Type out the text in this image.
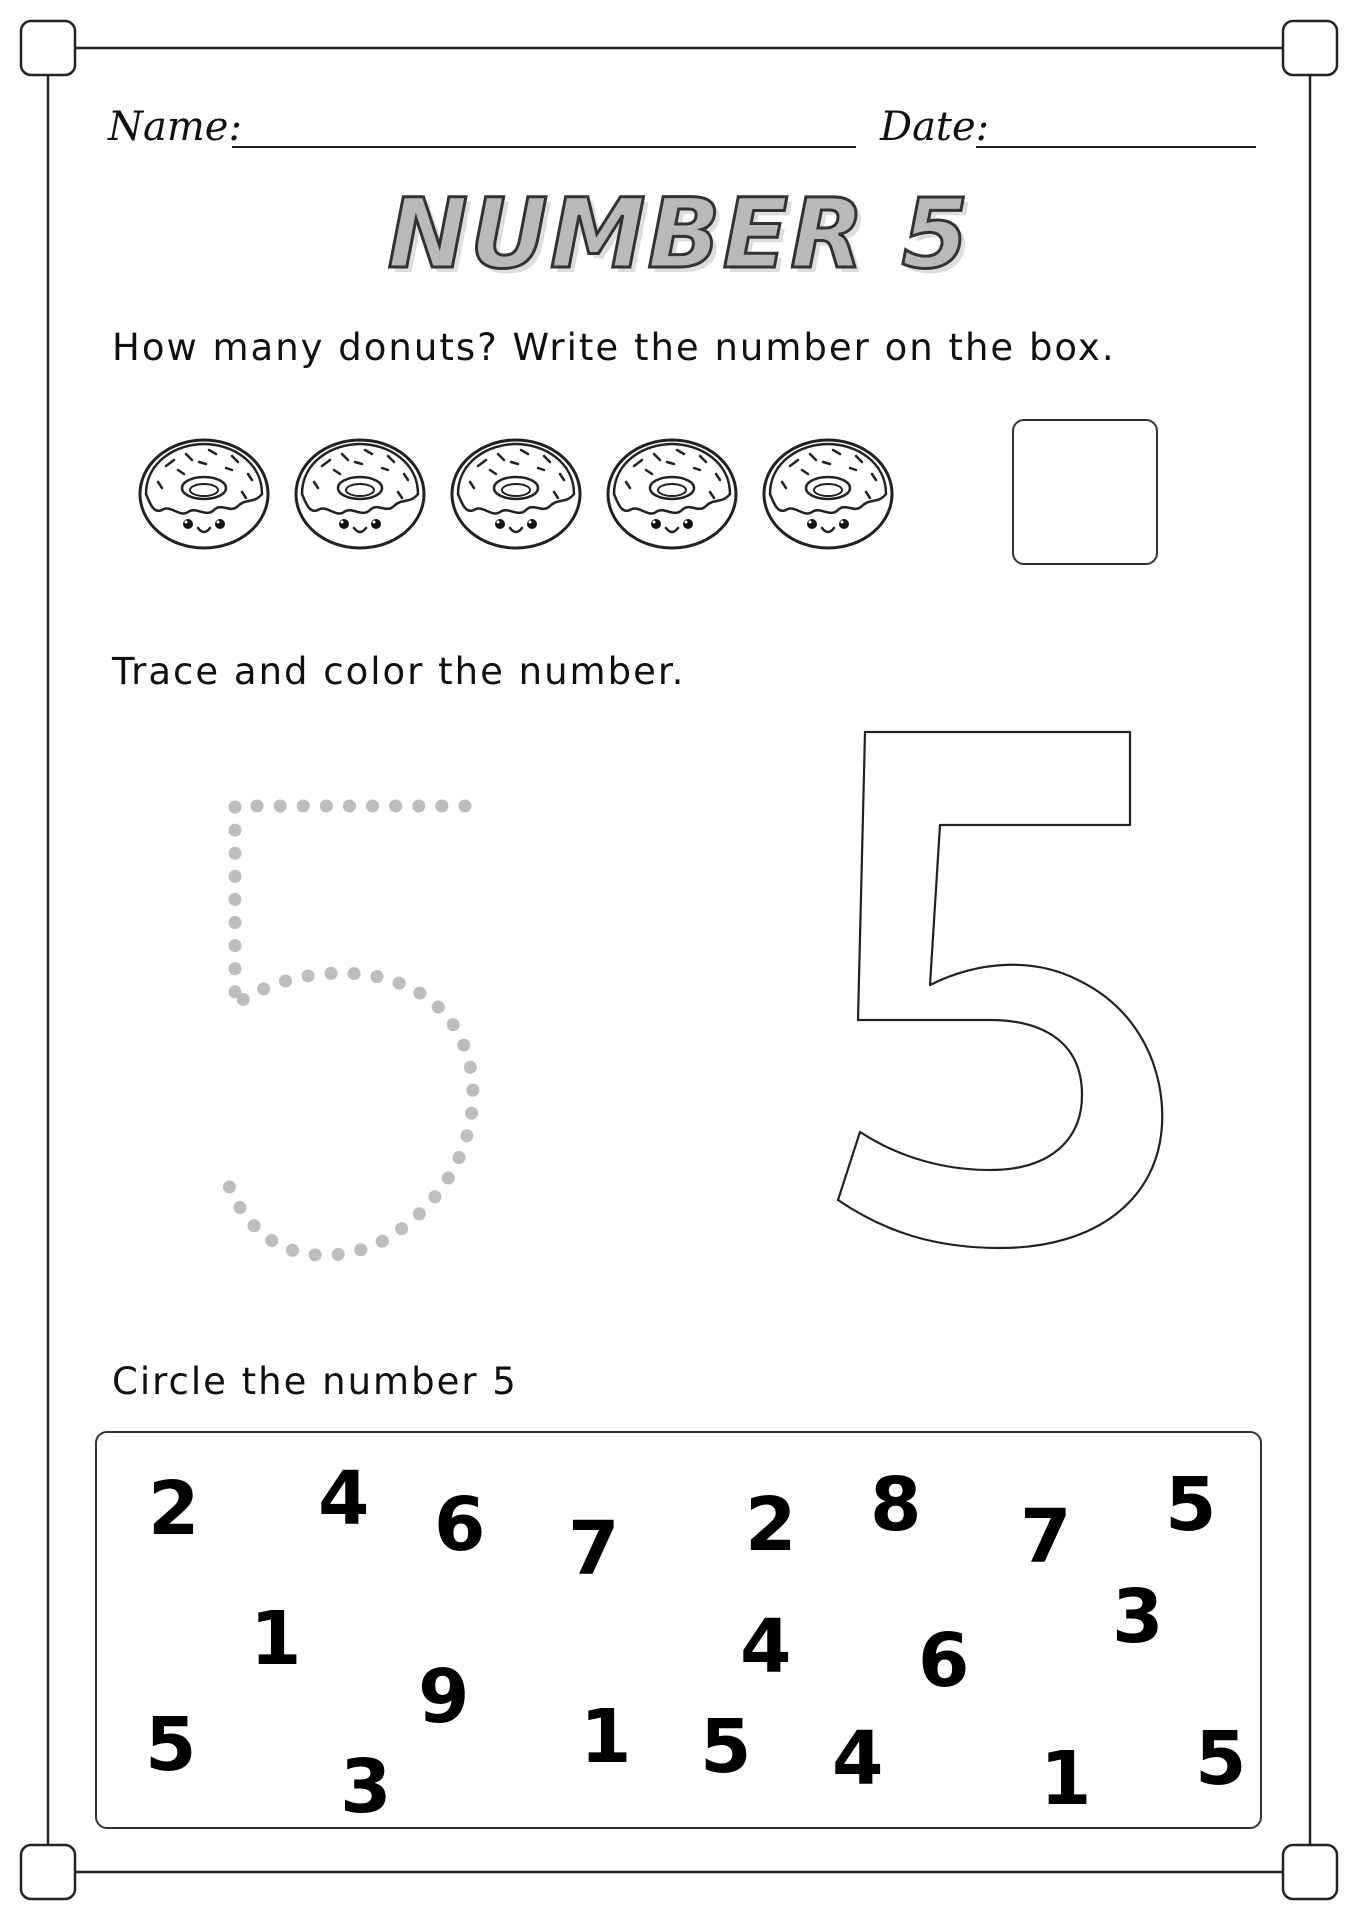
Name:	Date:
NUMBER 5
How many donuts? Write the number on the box.
Trace and color the number.
Circle the number 5
2 4 6 7 2 8 7 5
1	4 6
3
9
5 3
1 5 4 1 5
